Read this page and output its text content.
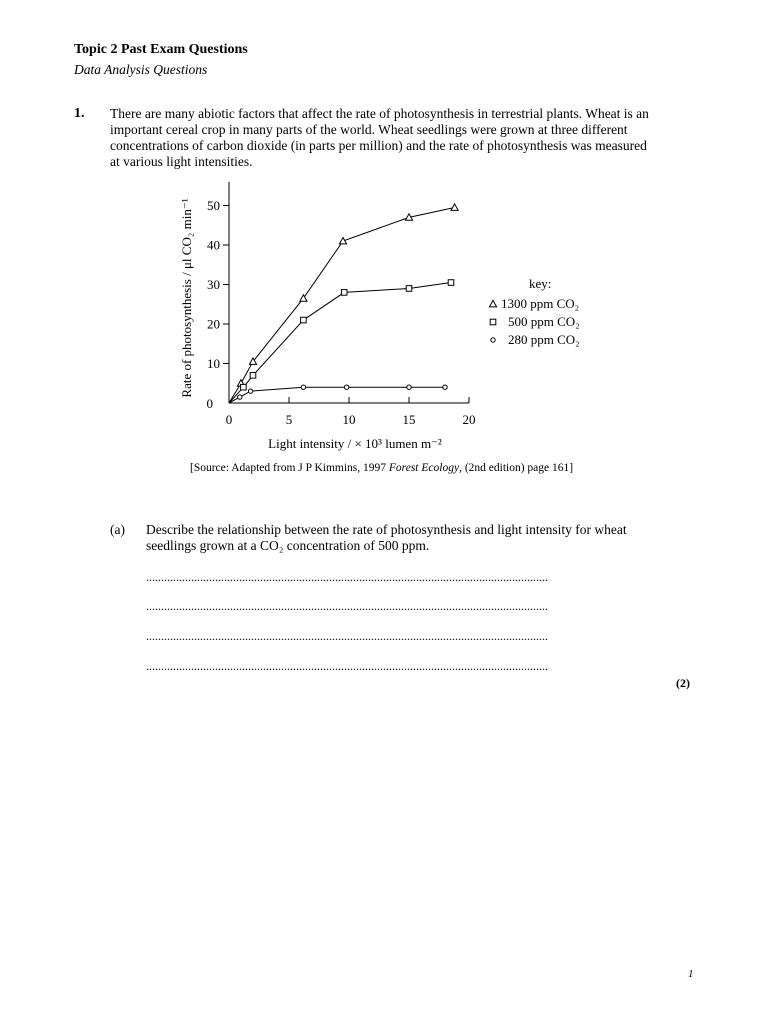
Topic 2 Past Exam Questions
Data Analysis Questions
1. There are many abiotic factors that affect the rate of photosynthesis in terrestrial plants. Wheat is an important cereal crop in many parts of the world. Wheat seedlings were grown at three different concentrations of carbon dioxide (in parts per million) and the rate of photosynthesis was measured at various light intensities.
0
10
20
30
40
50
0	5	10	15	20
Light intensity / × 10³ lumen m⁻²
Rate of photosynthesis / μl CO₂ min⁻¹	key:
1300 ppm CO₂
500 ppm CO₂
280 ppm CO₂
[Source: Adapted from J P Kimmins, 1997 Forest Ecology, (2nd edition) page 161]
(a) Describe the relationship between the rate of photosynthesis and light intensity for wheat seedlings grown at a CO₂ concentration of 500 ppm.
......................................................................................................................................
......................................................................................................................................
......................................................................................................................................
......................................................................................................................................
(2)
1
